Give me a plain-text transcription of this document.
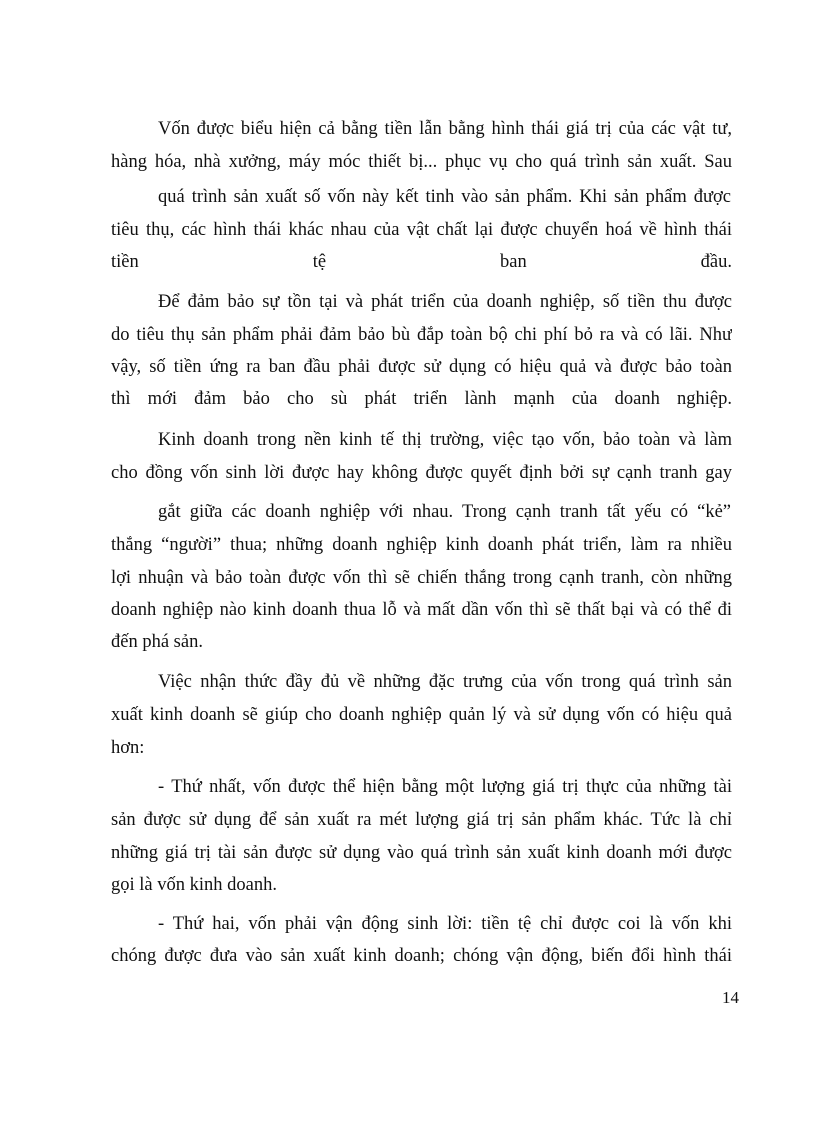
Vốn được biểu hiện cả bằng tiền lẫn bằng hình thái giá trị của các vật tư,
hàng hóa, nhà xưởng, máy móc thiết bị... phục vụ cho quá trình sản xuất. Sau
quá trình sản xuất số vốn này kết tinh vào sản phẩm. Khi sản phẩm được
tiêu thụ, các hình thái khác nhau của vật chất lại được chuyển hoá về hình thái
tiền tệ ban đầu.
Để đảm bảo sự tồn tại và phát triển của doanh nghiệp, số tiền thu được
do tiêu thụ sản phẩm phải đảm bảo bù đắp toàn bộ chi phí bỏ ra và có lãi. Như
vậy, số tiền ứng ra ban đầu phải được sử dụng có hiệu quả và được bảo toàn
thì mới đảm bảo cho sù phát triển lành mạnh của doanh nghiệp.
Kinh doanh trong nền kinh tế thị trường, việc tạo vốn, bảo toàn và làm
cho đồng vốn sinh lời được hay không được quyết định bởi sự cạnh tranh gay
gắt giữa các doanh nghiệp với nhau. Trong cạnh tranh tất yếu có “kẻ”
thắng “người” thua; những doanh nghiệp kinh doanh phát triển, làm ra nhiều
lợi nhuận và bảo toàn được vốn thì sẽ chiến thắng trong cạnh tranh, còn những
doanh nghiệp nào kinh doanh thua lỗ và mất dần vốn thì sẽ thất bại và có thể đi
đến phá sản.
Việc nhận thức đầy đủ về những đặc trưng của vốn trong quá trình sản
xuất kinh doanh sẽ giúp cho doanh nghiệp quản lý và sử dụng vốn có hiệu quả
hơn:
- Thứ nhất, vốn được thể hiện bằng một lượng giá trị thực của những tài
sản được sử dụng để sản xuất ra mét lượng giá trị sản phẩm khác. Tức là chỉ
những giá trị tài sản được sử dụng vào quá trình sản xuất kinh doanh mới được
gọi là vốn kinh doanh.
- Thứ hai, vốn phải vận động sinh lời: tiền tệ chỉ được coi là vốn khi
chóng được đưa vào sản xuất kinh doanh; chóng vận động, biến đổi hình thái
14
